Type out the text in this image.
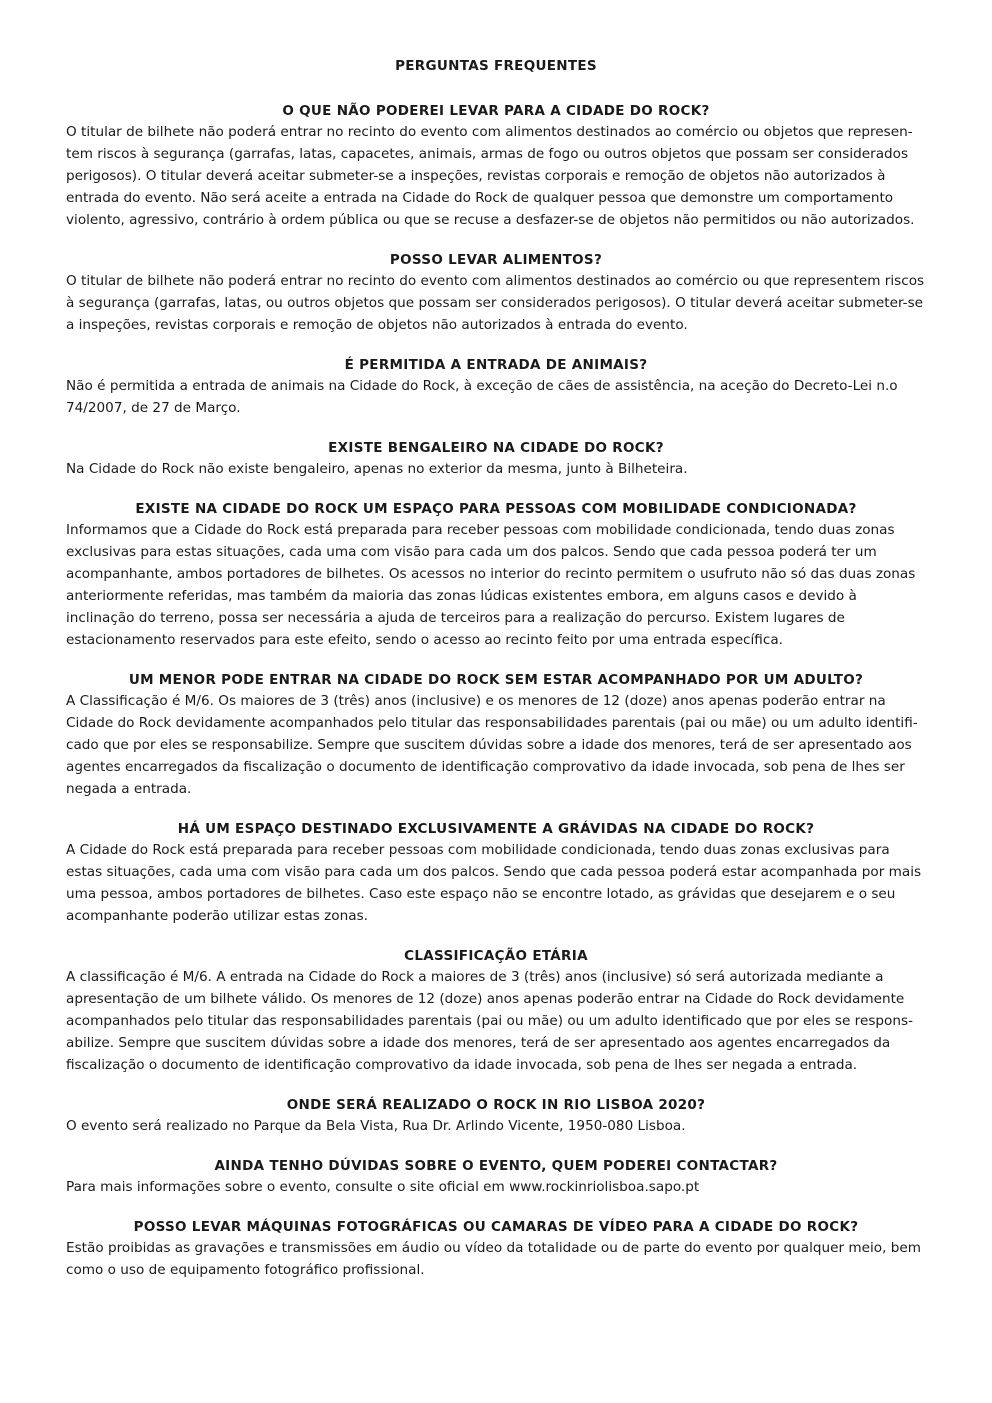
PERGUNTAS FREQUENTES
O QUE NÃO PODEREI LEVAR PARA A CIDADE DO ROCK?

O titular de bilhete não poderá entrar no recinto do evento com alimentos destinados ao comércio ou objetos que representem riscos à segurança (garrafas, latas, capacetes, animais, armas de fogo ou outros objetos que possam ser considerados perigosos). O titular deverá aceitar submeter-se a inspeções, revistas corporais e remoção de objetos não autorizados à entrada do evento. Não será aceite a entrada na Cidade do Rock de qualquer pessoa que demonstre um comportamento violento, agressivo, contrário à ordem pública ou que se recuse a desfazer-se de objetos não permitidos ou não autorizados.

POSSO LEVAR ALIMENTOS?

O titular de bilhete não poderá entrar no recinto do evento com alimentos destinados ao comércio ou que representem riscos à segurança (garrafas, latas, ou outros objetos que possam ser considerados perigosos). O titular deverá aceitar submeter-se a inspeções, revistas corporais e remoção de objetos não autorizados à entrada do evento.

É PERMITIDA A ENTRADA DE ANIMAIS?

Não é permitida a entrada de animais na Cidade do Rock, à exceção de cães de assistência, na aceção do Decreto-Lei n.o 74/2007, de 27 de Março.

EXISTE BENGALEIRO NA CIDADE DO ROCK?

Na Cidade do Rock não existe bengaleiro, apenas no exterior da mesma, junto à Bilheteira.

EXISTE NA CIDADE DO ROCK UM ESPAÇO PARA PESSOAS COM MOBILIDADE CONDICIONADA?

Informamos que a Cidade do Rock está preparada para receber pessoas com mobilidade condicionada, tendo duas zonas exclusivas para estas situações, cada uma com visão para cada um dos palcos. Sendo que cada pessoa poderá ter um acompanhante, ambos portadores de bilhetes. Os acessos no interior do recinto permitem o usufruto não só das duas zonas anteriormente referidas, mas também da maioria das zonas lúdicas existentes embora, em alguns casos e devido à inclinação do terreno, possa ser necessária a ajuda de terceiros para a realização do percurso. Existem lugares de estacionamento reservados para este efeito, sendo o acesso ao recinto feito por uma entrada específica.

UM MENOR PODE ENTRAR NA CIDADE DO ROCK SEM ESTAR ACOMPANHADO POR UM ADULTO?

A Classificação é M/6. Os maiores de 3 (três) anos (inclusive) e os menores de 12 (doze) anos apenas poderão entrar na Cidade do Rock devidamente acompanhados pelo titular das responsabilidades parentais (pai ou mãe) ou um adulto identificado que por eles se responsabilize. Sempre que suscitem dúvidas sobre a idade dos menores, terá de ser apresentado aos agentes encarregados da fiscalização o documento de identificação comprovativo da idade invocada, sob pena de lhes ser negada a entrada.

HÁ UM ESPAÇO DESTINADO EXCLUSIVAMENTE A GRÁVIDAS NA CIDADE DO ROCK?

A Cidade do Rock está preparada para receber pessoas com mobilidade condicionada, tendo duas zonas exclusivas para estas situações, cada uma com visão para cada um dos palcos. Sendo que cada pessoa poderá estar acompanhada por mais uma pessoa, ambos portadores de bilhetes. Caso este espaço não se encontre lotado, as grávidas que desejarem e o seu acompanhante poderão utilizar estas zonas.

CLASSIFICAÇÃO ETÁRIA

A classificação é M/6. A entrada na Cidade do Rock a maiores de 3 (três) anos (inclusive) só será autorizada mediante a apresentação de um bilhete válido. Os menores de 12 (doze) anos apenas poderão entrar na Cidade do Rock devidamente acompanhados pelo titular das responsabilidades parentais (pai ou mãe) ou um adulto identificado que por eles se responsabilize. Sempre que suscitem dúvidas sobre a idade dos menores, terá de ser apresentado aos agentes encarregados da fiscalização o documento de identificação comprovativo da idade invocada, sob pena de lhes ser negada a entrada.

ONDE SERÁ REALIZADO O ROCK IN RIO LISBOA 2020?

O evento será realizado no Parque da Bela Vista, Rua Dr. Arlindo Vicente, 1950-080 Lisboa.

AINDA TENHO DÚVIDAS SOBRE O EVENTO, QUEM PODEREI CONTACTAR?

Para mais informações sobre o evento, consulte o site oficial em www.rockinriolisboa.sapo.pt

POSSO LEVAR MÁQUINAS FOTOGRÁFICAS OU CAMARAS DE VÍDEO PARA A CIDADE DO ROCK?

Estão proibidas as gravações e transmissões em áudio ou vídeo da totalidade ou de parte do evento por qualquer meio, bem como o uso de equipamento fotográfico profissional.
